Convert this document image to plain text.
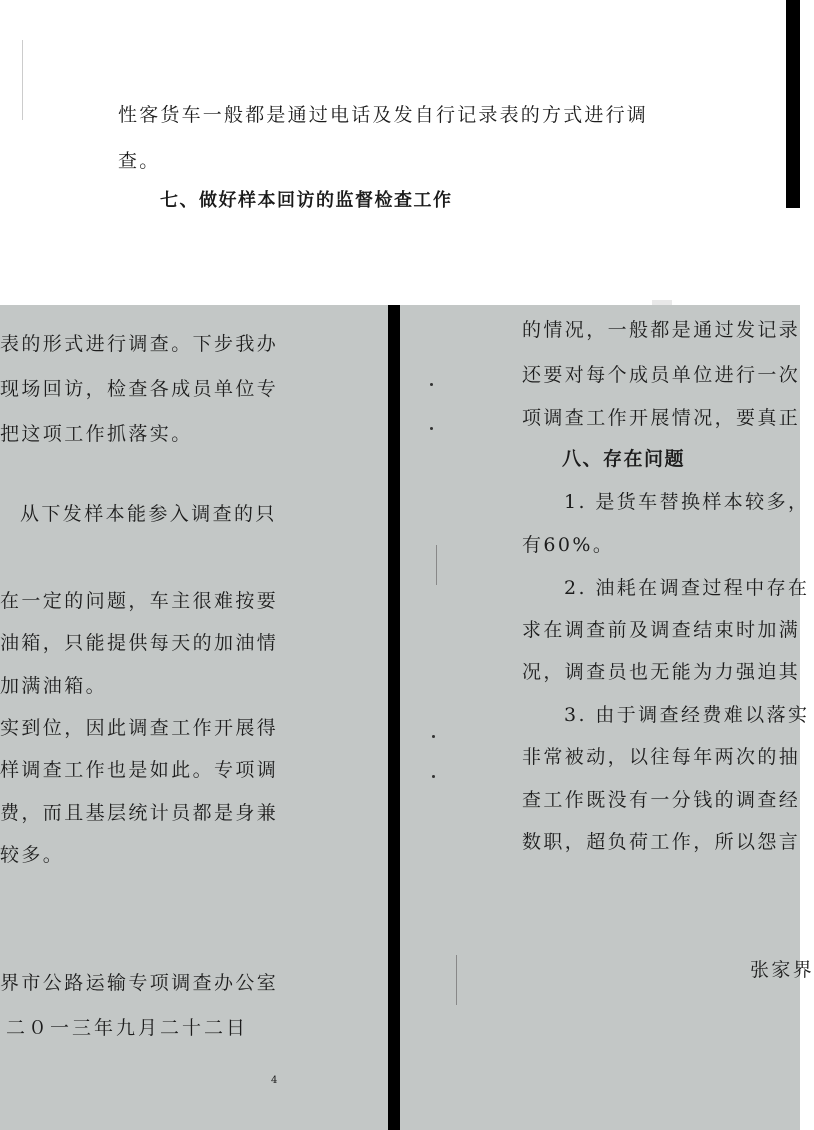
性客货车一般都是通过电话及发自行记录表的方式进行调
查。
七、做好样本回访的监督检查工作
表的形式进行调查。下步我办
现场回访，检查各成员单位专
把这项工作抓落实。
从下发样本能参入调查的只
在一定的问题，车主很难按要
油箱，只能提供每天的加油情
加满油箱。
实到位，因此调查工作开展得
样调查工作也是如此。专项调
费，而且基层统计员都是身兼
较多。
界市公路运输专项调查办公室
二０一三年九月二十二日
4
的情况，一般都是通过发记录
还要对每个成员单位进行一次
项调查工作开展情况，要真正
八、存在问题
1. 是货车替换样本较多，
有60%。
2. 油耗在调查过程中存在
求在调查前及调查结束时加满
况，调查员也无能为力强迫其
3. 由于调查经费难以落实
非常被动，以往每年两次的抽
查工作既没有一分钱的调查经
数职，超负荷工作，所以怨言
张家界
